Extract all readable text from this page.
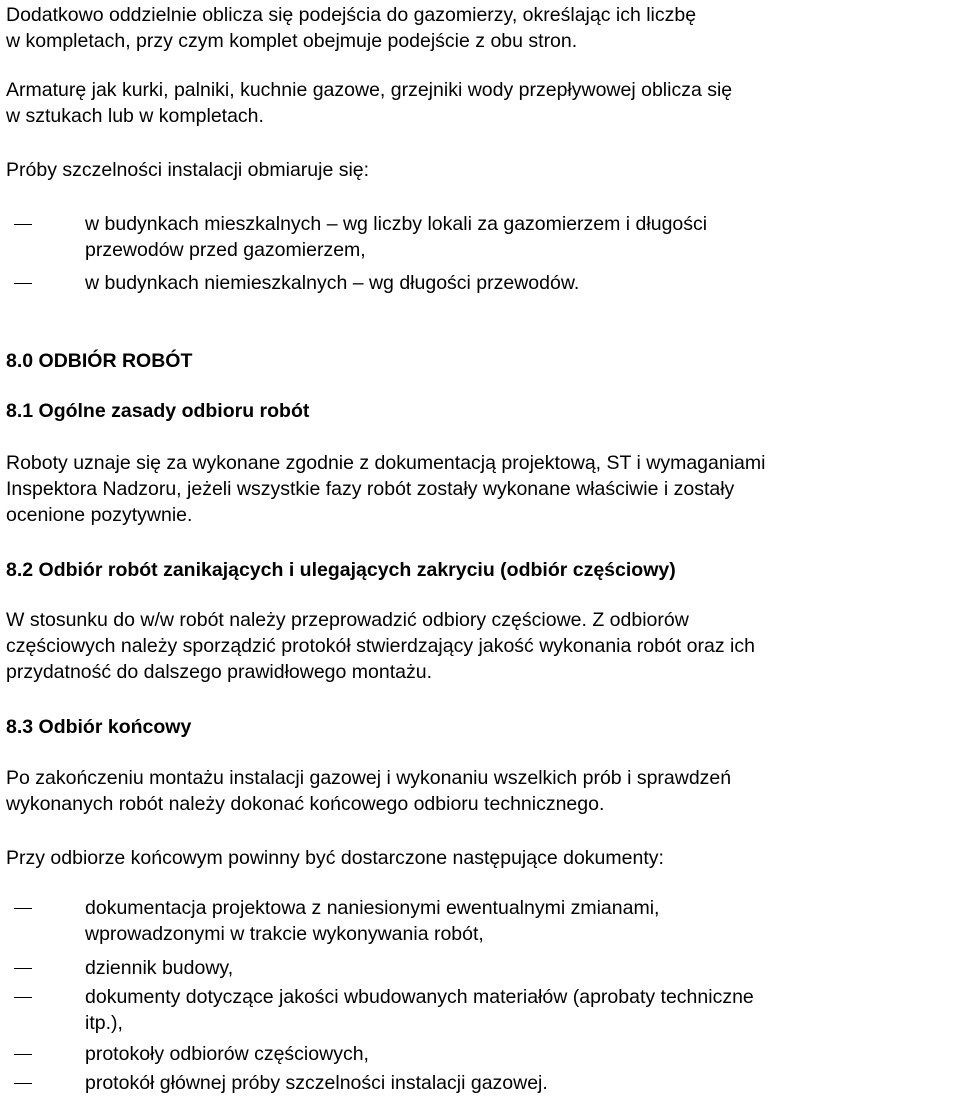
Dodatkowo oddzielnie oblicza się podejścia do gazomierzy, określając ich liczbę
w kompletach, przy czym komplet obejmuje podejście z obu stron.
Armaturę jak kurki, palniki, kuchnie gazowe, grzejniki wody przepływowej oblicza się
w sztukach lub w kompletach.
Próby szczelności instalacji obmiaruje się:
w budynkach mieszkalnych – wg liczby lokali za gazomierzem i długości
przewodów przed gazomierzem,
w budynkach niemieszkalnych – wg długości przewodów.
8.0 ODBIÓR ROBÓT
8.1 Ogólne zasady odbioru robót
Roboty uznaje się za wykonane zgodnie z dokumentacją projektową, ST i wymaganiami
Inspektora Nadzoru, jeżeli wszystkie fazy robót zostały wykonane właściwie i zostały
ocenione pozytywnie.
8.2 Odbiór robót zanikających i ulegających zakryciu (odbiór częściowy)
W stosunku do w/w robót należy przeprowadzić odbiory częściowe. Z odbiorów
częściowych należy sporządzić protokół stwierdzający jakość wykonania robót oraz ich
przydatność do dalszego prawidłowego montażu.
8.3 Odbiór końcowy
Po zakończeniu montażu instalacji gazowej i wykonaniu wszelkich prób i sprawdzeń
wykonanych robót należy dokonać końcowego odbioru technicznego.
Przy odbiorze końcowym powinny być dostarczone następujące dokumenty:
dokumentacja projektowa z naniesionymi ewentualnymi zmianami,
wprowadzonymi w trakcie wykonywania robót,
dziennik budowy,
dokumenty dotyczące jakości wbudowanych materiałów (aprobaty techniczne
itp.),
protokoły odbiorów częściowych,
protokół głównej próby szczelności instalacji gazowej.
